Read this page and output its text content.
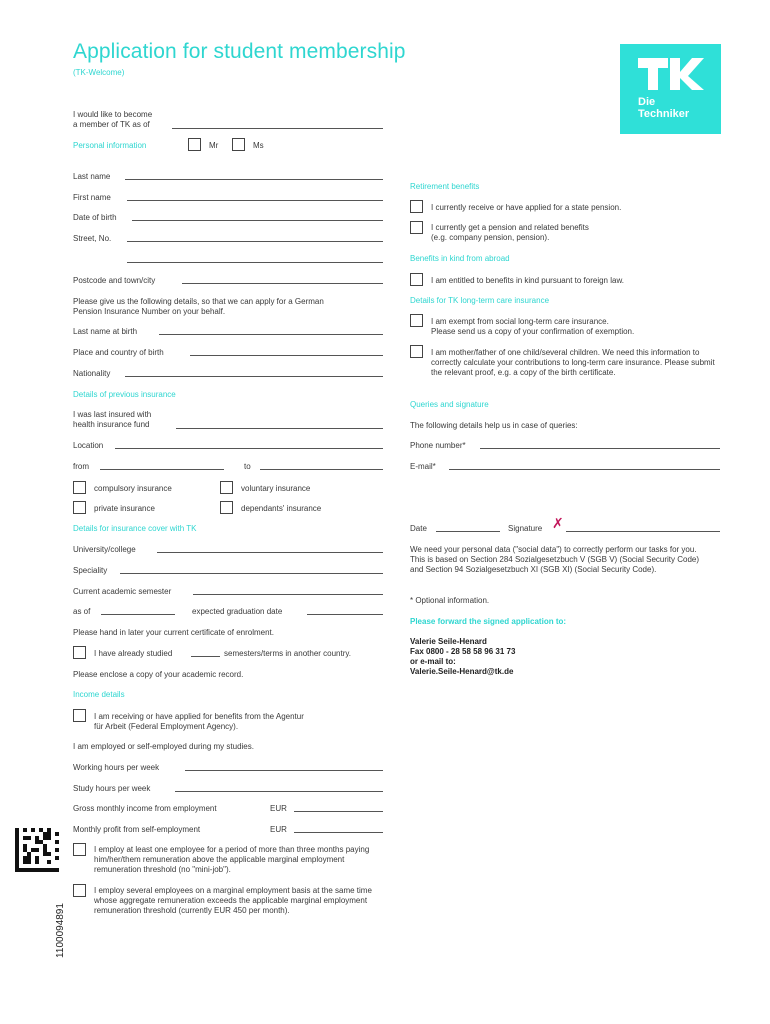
Application for student membership
(TK-Welcome)
Die
Techniker
I would like to become
a member of TK as of
Personal information	Mr	Ms
Last name
First name
Date of birth
Street, No.
Postcode and town/city
Please give us the following details, so that we can apply for a German
Pension Insurance Number on your behalf.
Last name at birth
Place and country of birth
Nationality
Details of previous insurance
I was last insured with
health insurance fund
Location
from	to
compulsory insurance	voluntary insurance
private insurance	dependants' insurance
Details for insurance cover with TK
University/college
Speciality
Current academic semester
as of	expected graduation date
Please hand in later your current certificate of enrolment.
I have already studied	semesters/terms in another country.
Please enclose a copy of your academic record.
Income details
I am receiving or have applied for benefits from the Agentur
für Arbeit (Federal Employment Agency).
I am employed or self-employed during my studies.
Working hours per week
Study hours per week
Gross monthly income from employment	EUR
Monthly profit from self-employment	EUR
I employ at least one employee for a period of more than three months paying him/her/them remuneration above the applicable marginal employment remuneration threshold (no "mini-job").
I employ several employees on a marginal employment basis at the same time whose aggregate remuneration exceeds the applicable marginal employment remuneration threshold (currently EUR 450 per month).
1100094891
Retirement benefits
I currently receive or have applied for a state pension.
I currently get a pension and related benefits
(e.g. company pension, pension).
Benefits in kind from abroad
I am entitled to benefits in kind pursuant to foreign law.
Details for TK long-term care insurance
I am exempt from social long-term care insurance.
Please send us a copy of your confirmation of exemption.
I am mother/father of one child/several children. We need this information to correctly calculate your contributions to long-term care insurance. Please submit the relevant proof, e.g. a copy of the birth certificate.
Queries and signature
The following details help us in case of queries:
Phone number*
E-mail*
Date	Signature ✗
We need your personal data ("social data") to correctly perform our tasks for you. This is based on Section 284 Sozialgesetzbuch V (SGB V) (Social Security Code) and Section 94 Sozialgesetzbuch XI (SGB XI) (Social Security Code).
* Optional information.
Please forward the signed application to:
Valerie Seile-Henard
Fax 0800 - 28 58 58 96 31 73
or e-mail to:
Valerie.Seile-Henard@tk.de
